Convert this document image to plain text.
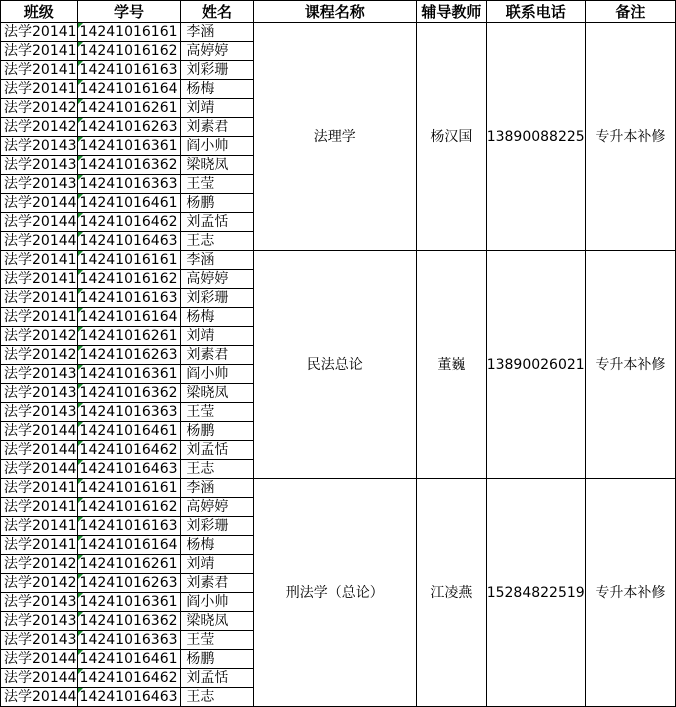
班级	学号	姓名	课程名称	辅导教师	联系电话	备注
法学20141	14241016161	李涵	法理学	杨汉国	13890088225	专升本补修
法学20141	14241016162	高婷婷				
法学20141	14241016163	刘彩珊				
法学20141	14241016164	杨梅				
法学20142	14241016261	刘靖				
法学20142	14241016263	刘素君				
法学20143	14241016361	阎小帅				
法学20143	14241016362	梁晓凤				
法学20143	14241016363	王莹				
法学20144	14241016461	杨鹏				
法学20144	14241016462	刘孟恬				
法学20144	14241016463	王志				
法学20141	14241016161	李涵	民法总论	董巍	13890026021	专升本补修
法学20141	14241016162	高婷婷				
法学20141	14241016163	刘彩珊				
法学20141	14241016164	杨梅				
法学20142	14241016261	刘靖				
法学20142	14241016263	刘素君				
法学20143	14241016361	阎小帅				
法学20143	14241016362	梁晓凤				
法学20143	14241016363	王莹				
法学20144	14241016461	杨鹏				
法学20144	14241016462	刘孟恬				
法学20144	14241016463	王志				
法学20141	14241016161	李涵	刑法学（总论）	江凌燕	15284822519	专升本补修
法学20141	14241016162	高婷婷				
法学20141	14241016163	刘彩珊				
法学20141	14241016164	杨梅				
法学20142	14241016261	刘靖				
法学20142	14241016263	刘素君				
法学20143	14241016361	阎小帅				
法学20143	14241016362	梁晓凤				
法学20143	14241016363	王莹				
法学20144	14241016461	杨鹏				
法学20144	14241016462	刘孟恬				
法学20144	14241016463	王志				
